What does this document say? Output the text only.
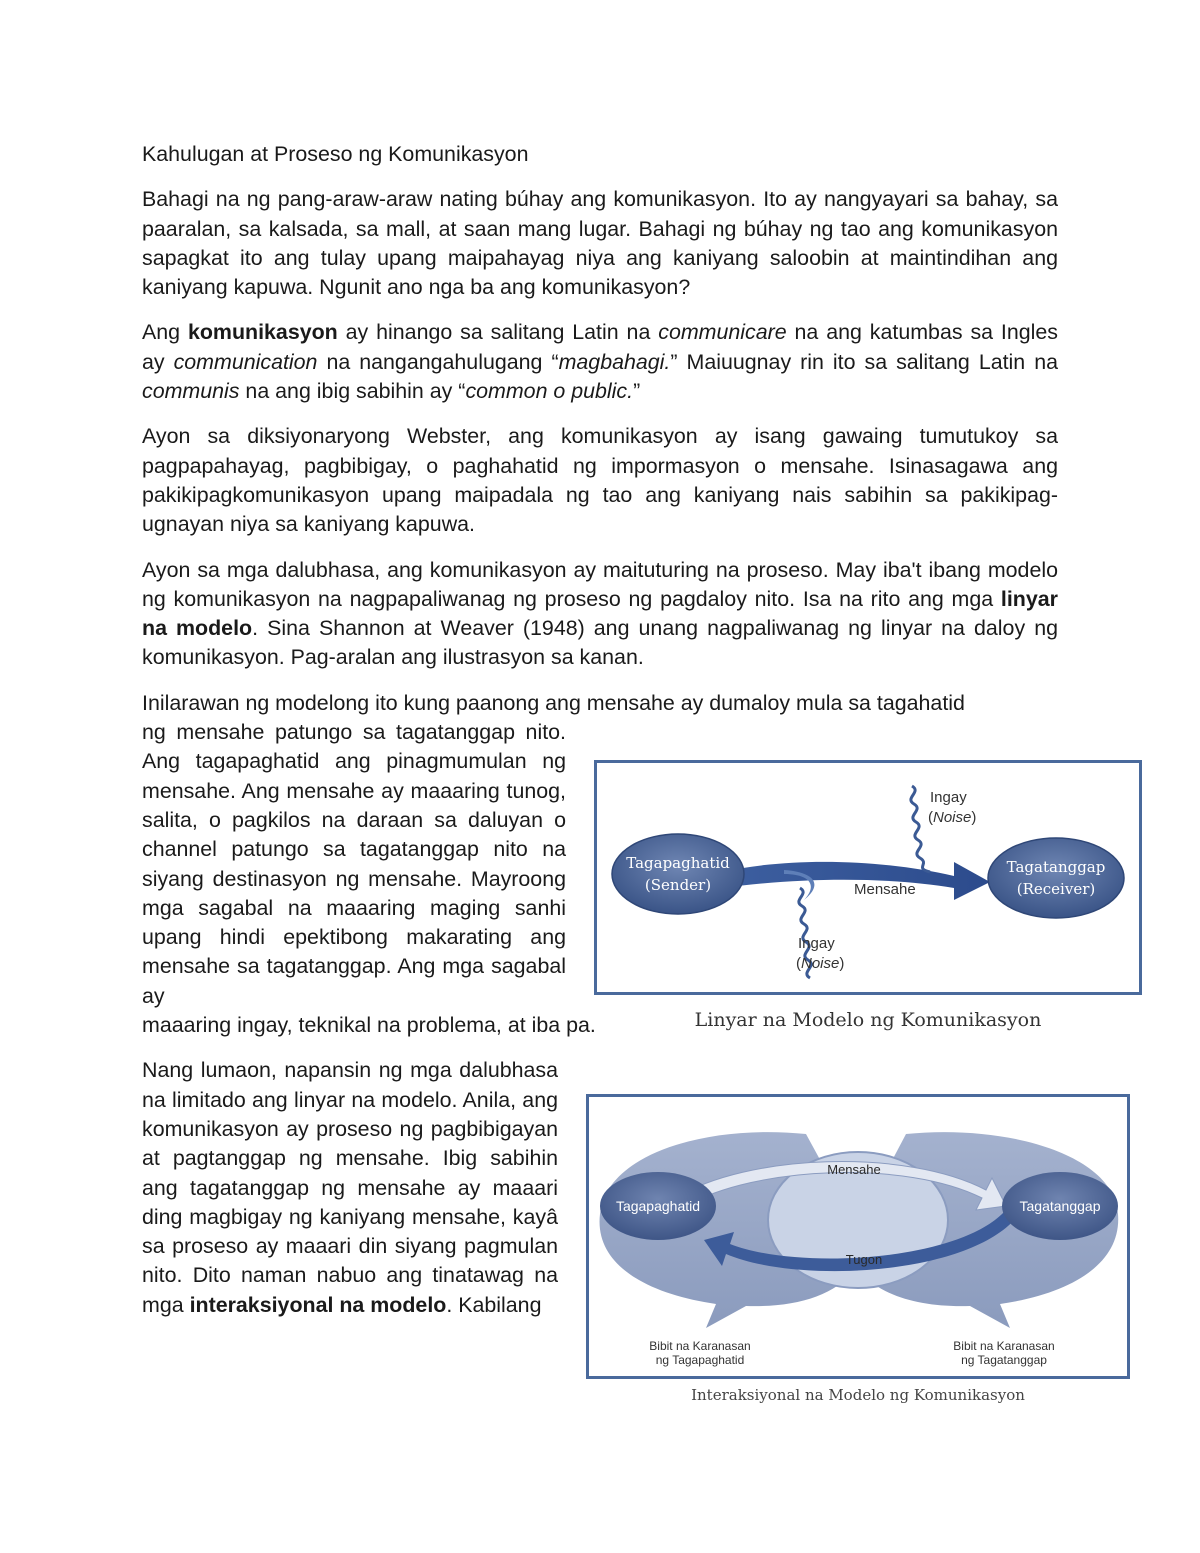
Kahulugan at Proseso ng Komunikasyon

Bahagi na ng pang-araw-araw nating búhay ang komunikasyon. Ito ay nangyayari sa bahay, sa paaralan, sa kalsada, sa mall, at saan mang lugar. Bahagi ng búhay ng tao ang komunikasyon sapagkat ito ang tulay upang maipahayag niya ang kaniyang saloobin at maintindihan ang kaniyang kapuwa. Ngunit ano nga ba ang komunikasyon?

Ang komunikasyon ay hinango sa salitang Latin na communicare na ang katumbas sa Ingles ay communication na nangangahulugang “magbahagi.” Maiuugnay rin ito sa salitang Latin na communis na ang ibig sabihin ay “common o public.”

Ayon sa diksiyonaryong Webster, ang komunikasyon ay isang gawaing tumutukoy sa pagpapahayag, pagbibigay, o paghahatid ng impormasyon o mensahe. Isinasagawa ang pakikipagkomunikasyon upang maipadala ng tao ang kaniyang nais sabihin sa pakikipag-ugnayan niya sa kaniyang kapuwa.

Ayon sa mga dalubhasa, ang komunikasyon ay maituturing na proseso. May iba't ibang modelo ng komunikasyon na nagpapaliwanag ng proseso ng pagdaloy nito. Isa na rito ang mga linyar na modelo. Sina Shannon at Weaver (1948) ang unang nagpaliwanag ng linyar na daloy ng komunikasyon. Pag-aralan ang ilustrasyon sa kanan.

Inilarawan ng modelong ito kung paanong ang mensahe ay dumaloy mula sa tagahatid
ng mensahe patungo sa tagatanggap nito. Ang tagapaghatid ang pinagmumulan ng mensahe. Ang mensahe ay maaaring tunog, salita, o pagkilos na daraan sa daluyan o channel patungo sa tagatanggap nito na siyang destinasyon ng mensahe. Mayroong mga sagabal na maaaring maging sanhi upang hindi epektibong makarating ang mensahe sa tagatanggap. Ang mga sagabal ay
maaaring ingay, teknikal na problema, at iba pa.
Nang lumaon, napansin ng mga dalubhasa na limitado ang linyar na modelo. Anila, ang komunikasyon ay proseso ng pagbibigayan at pagtanggap ng mensahe. Ibig sabihin ang tagatanggap ng mensahe ay maaari ding magbigay ng kaniyang mensahe, kayâ sa proseso ay maaari din siyang pagmulan nito. Dito naman nabuo ang tinatawag na mga interaksiyonal na modelo. Kabilang
Tagapaghatid
(Sender)
Tagatanggap
(Receiver)
Mensahe
Ingay
(Noise)
Ingay
(Noise)
Linyar na Modelo ng Komunikasyon
Tagapaghatid	Tagatanggap
Mensahe
Tugon
Bibit na Karanasan
ng Tagapaghatid
Bibit na Karanasan
ng Tagatanggap
Interaksiyonal na Modelo ng Komunikasyon
